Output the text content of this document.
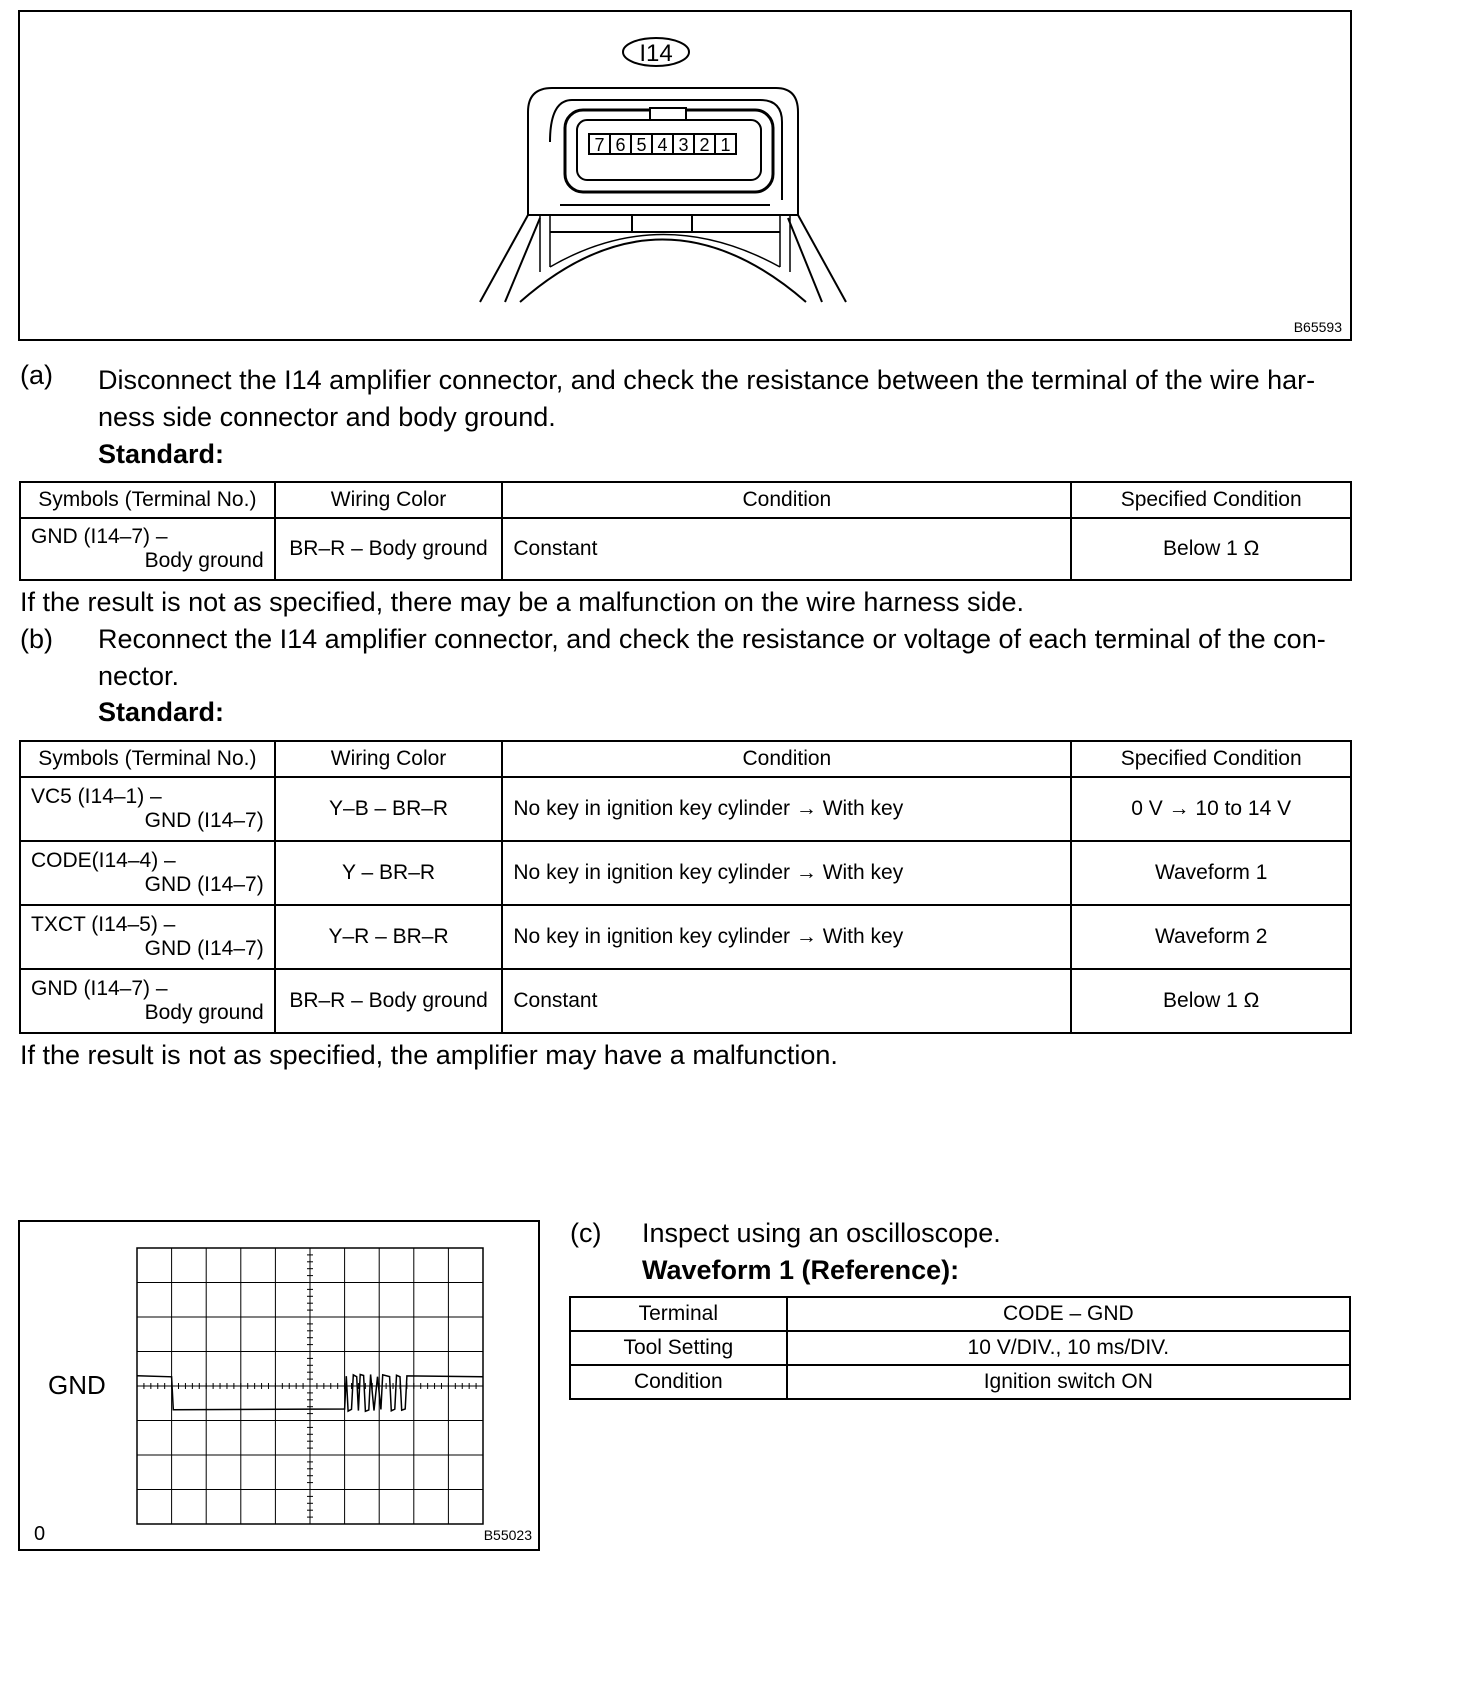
I14
7 6 5 4 3 2 1
B65593
(a) Disconnect the I14 amplifier connector, and check the resistance between the terminal of the wire har-
ness side connector and body ground.
Standard:
Symbols (Terminal No.)	Wiring Color	Condition	Specified Condition

GND (I14–7) –
Body ground	BR–R – Body ground	Constant	Below 1 Ω
If the result is not as specified, there may be a malfunction on the wire harness side.
(b) Reconnect the I14 amplifier connector, and check the resistance or voltage of each terminal of the con-
nector.
Standard:
Symbols (Terminal No.)	Wiring Color	Condition	Specified Condition

VC5 (I14–1) –
GND (I14–7)	Y–B – BR–R	No key in ignition key cylinder → With key	0 V → 10 to 14 V

CODE(I14–4) –
GND (I14–7)	Y – BR–R	No key in ignition key cylinder → With key	Waveform 1

TXCT (I14–5) –
GND (I14–7)	Y–R – BR–R	No key in ignition key cylinder → With key	Waveform 2

GND (I14–7) –
Body ground	BR–R – Body ground	Constant	Below 1 Ω
If the result is not as specified, the amplifier may have a malfunction.
GND
0	B55023
(c) Inspect using an oscilloscope.
Waveform 1 (Reference):
Terminal	CODE – GND
Tool Setting	10 V/DIV., 10 ms/DIV.
Condition	Ignition switch ON
